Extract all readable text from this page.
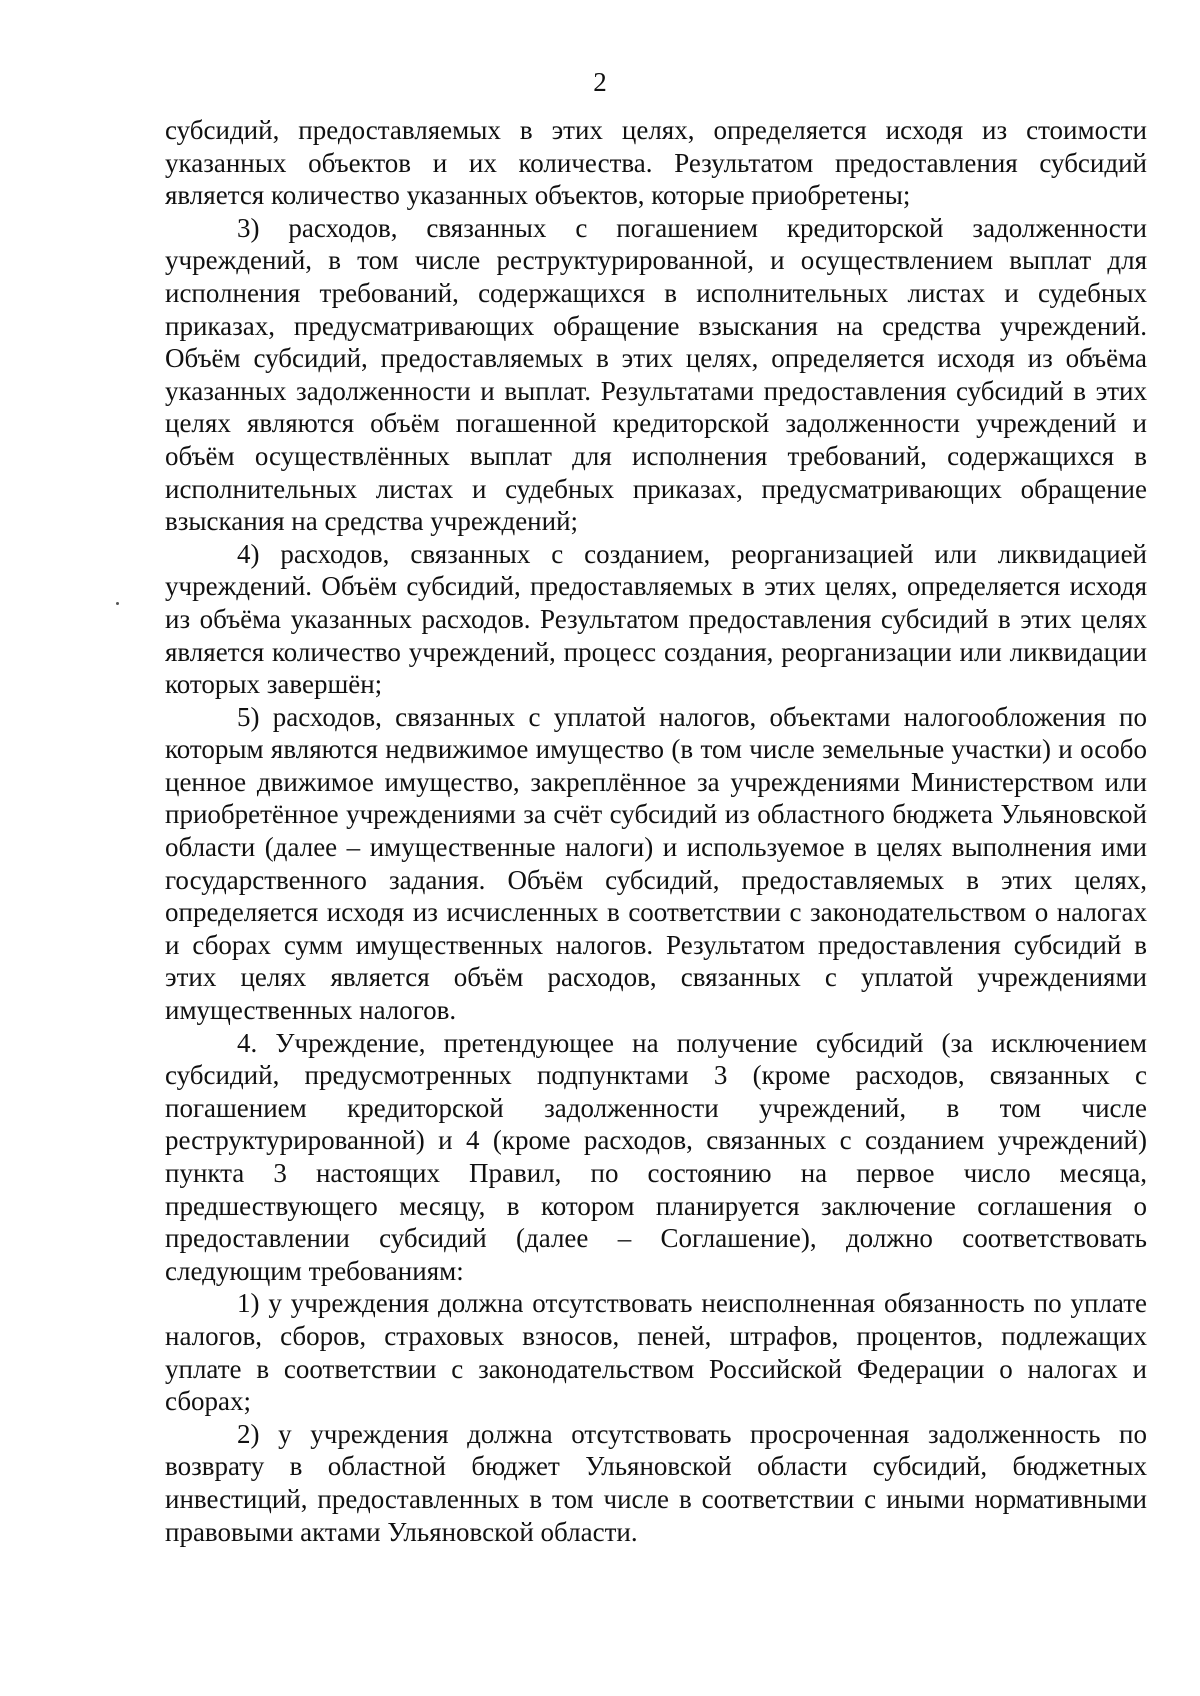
2

субсидий, предоставляемых в этих целях, определяется исходя из стоимости указанных объектов и их количества. Результатом предоставления субсидий является количество указанных объектов, которые приобретены;

3) расходов, связанных с погашением кредиторской задолженности учреждений, в том числе реструктурированной, и осуществлением выплат для исполнения требований, содержащихся в исполнительных листах и судебных приказах, предусматривающих обращение взыскания на средства учреждений. Объём субсидий, предоставляемых в этих целях, определяется исходя из объёма указанных задолженности и выплат. Результатами предоставления субсидий в этих целях являются объём погашенной кредиторской задолженности учреждений и объём осуществлённых выплат для исполнения требований, содержащихся в исполнительных листах и судебных приказах, предусматривающих обращение взыскания на средства учреждений;

4) расходов, связанных с созданием, реорганизацией или ликвидацией учреждений. Объём субсидий, предоставляемых в этих целях, определяется исходя из объёма указанных расходов. Результатом предоставления субсидий в этих целях является количество учреждений, процесс создания, реорганизации или ликвидации которых завершён;

5) расходов, связанных с уплатой налогов, объектами налогообложения по которым являются недвижимое имущество (в том числе земельные участки) и особо ценное движимое имущество, закреплённое за учреждениями Министерством или приобретённое учреждениями за счёт субсидий из областного бюджета Ульяновской области (далее – имущественные налоги) и используемое в целях выполнения ими государственного задания. Объём субсидий, предоставляемых в этих целях, определяется исходя из исчисленных в соответствии с законодательством о налогах и сборах сумм имущественных налогов. Результатом предоставления субсидий в этих целях является объём расходов, связанных с уплатой учреждениями имущественных налогов.

4. Учреждение, претендующее на получение субсидий (за исключением субсидий, предусмотренных подпунктами 3 (кроме расходов, связанных с погашением кредиторской задолженности учреждений, в том числе реструктурированной) и 4 (кроме расходов, связанных с созданием учреждений) пункта 3 настоящих Правил, по состоянию на первое число месяца, предшествующего месяцу, в котором планируется заключение соглашения о предоставлении субсидий (далее – Соглашение), должно соответствовать следующим требованиям:

1) у учреждения должна отсутствовать неисполненная обязанность по уплате налогов, сборов, страховых взносов, пеней, штрафов, процентов, подлежащих уплате в соответствии с законодательством Российской Федерации о налогах и сборах;

2) у учреждения должна отсутствовать просроченная задолженность по возврату в областной бюджет Ульяновской области субсидий, бюджетных инвестиций, предоставленных в том числе в соответствии с иными нормативными правовыми актами Ульяновской области.
